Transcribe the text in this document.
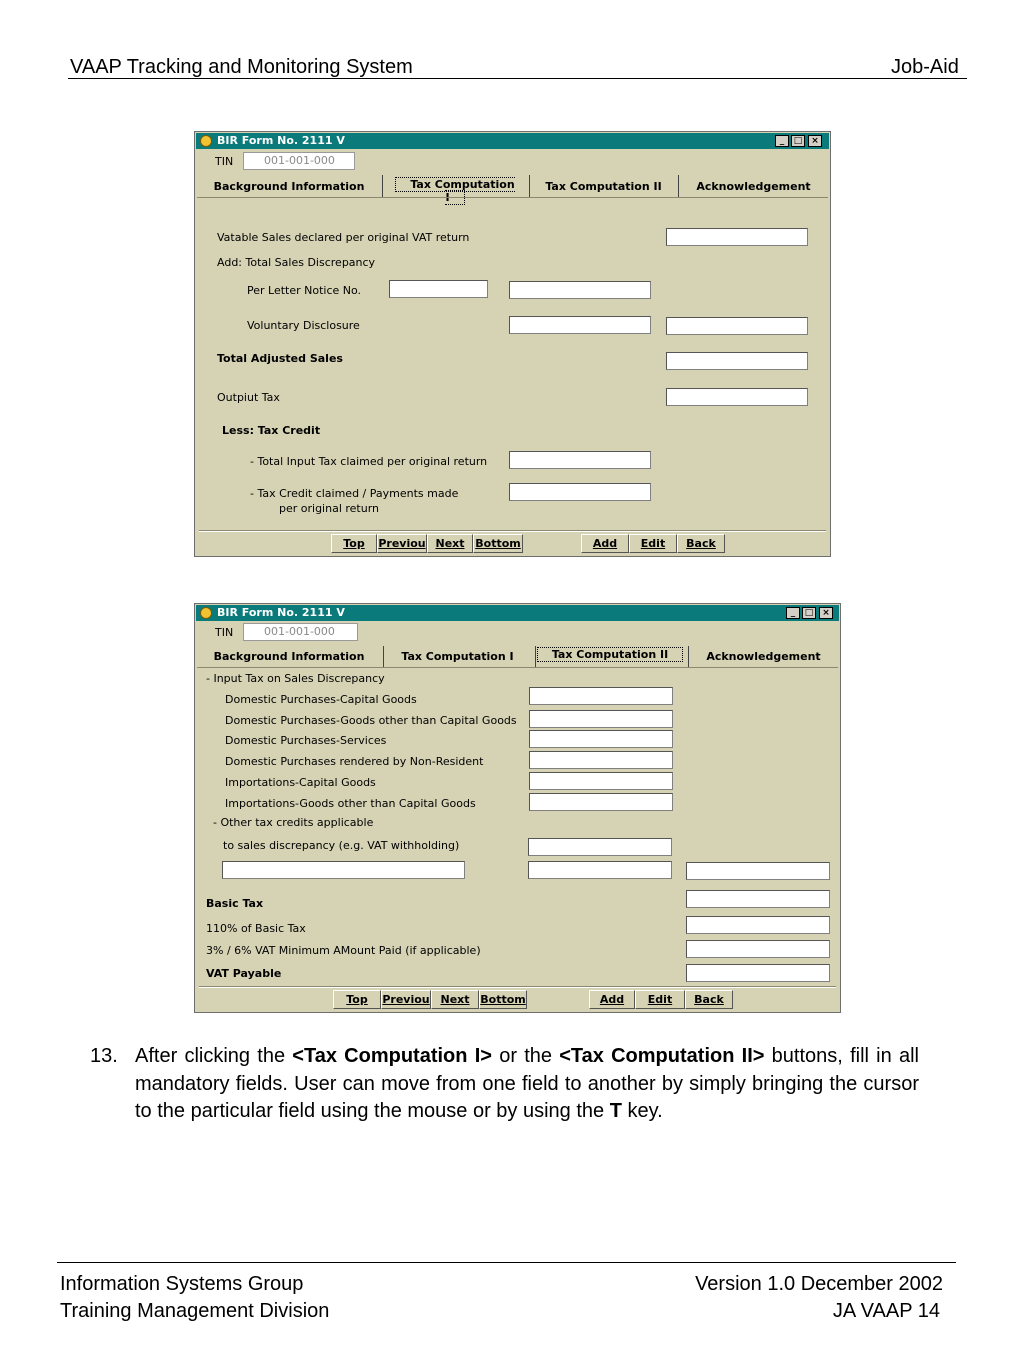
VAAP Tracking and Monitoring System	Job-Aid
BIR Form No. 2111 V	_	□ ×
TIN	001-001-000
Background Information	Tax Computation	Tax Computation II	Acknowledgement
Vatable Sales declared per original VAT return
Add: Total Sales Discrepancy
Per Letter Notice No.
Voluntary Disclosure
Total Adjusted Sales
Outpiut Tax
Less: Tax Credit
- Total Input Tax claimed per original return
- Tax Credit claimed / Payments made
per original return
Top	Previou Next Bottom	Add	Edit	Back
BIR Form No. 2111 V	_	□ ×
TIN	001-001-000
Background Information	Tax Computation I	Tax Computation II	Acknowledgement
- Input Tax on Sales Discrepancy
Domestic Purchases-Capital Goods
Domestic Purchases-Goods other than Capital Goods
Domestic Purchases-Services
Domestic Purchases rendered by Non-Resident
Importations-Capital Goods
Importations-Goods other than Capital Goods
- Other tax credits applicable
to sales discrepancy (e.g. VAT withholding)
Basic Tax
110% of Basic Tax
3% / 6% VAT Minimum AMount Paid (if applicable)
VAT Payable
Top	Previou Next Bottom	Add	Edit	Back
13. After clicking the <Tax Computation I> or the <Tax Computation II> buttons, fill in all mandatory fields. User can move from one field to another by simply bringing the cursor to the particular field using the mouse or by using the T key.
Information Systems Group
Training Management Division
Version 1.0 December 2002
JA VAAP 14
